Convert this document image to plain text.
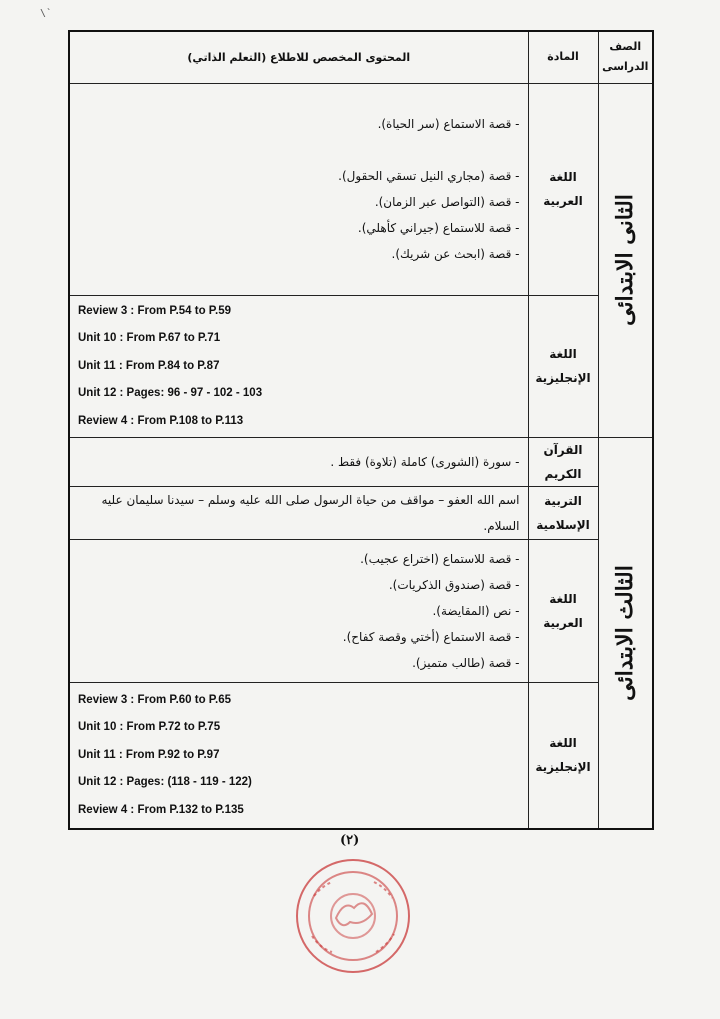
\`
المحتوى المخصص للاطلاع (التعلم الذاتي)	المادة	الصف الدراسى

- قصة الاستماع (سر الحياة).

- قصة (مجاري النيل تسقي الحقول).
- قصة (التواصل عبر الزمان).
- قصة للاستماع (جيراني كأهلي).
- قصة (ابحث عن شريك).	اللغة العربية	الثانى الابتدائى

Review 3 : From P.54 to P.59
Unit 10 : From P.67 to P.71
Unit 11 : From P.84 to P.87
Unit 12 : Pages: 96 - 97 - 102 - 103
Review 4 : From P.108 to P.113	اللغة الإنجليزية	

- سورة (الشورى) كاملة (تلاوة) فقط .	القرآن الكريم	الثالث الابتدائى

اسم الله العفو – مواقف من حياة الرسول صلى الله عليه وسلم – سيدنا سليمان عليه السلام.	التربية الإسلامية	

- قصة للاستماع (اختراع عجيب).
- قصة (صندوق الذكريات).
- نص (المقايضة).
- قصة الاستماع (أختي وقصة كفاح).
- قصة (طالب متميز).	اللغة العربية	

Review 3 : From P.60 to P.65
Unit 10 : From P.72 to P.75
Unit 11 : From P.92 to P.97
Unit 12 : Pages: (118 - 119 - 122)
Review 4 : From P.132 to P.135	اللغة الإنجليزية	
(٢)
